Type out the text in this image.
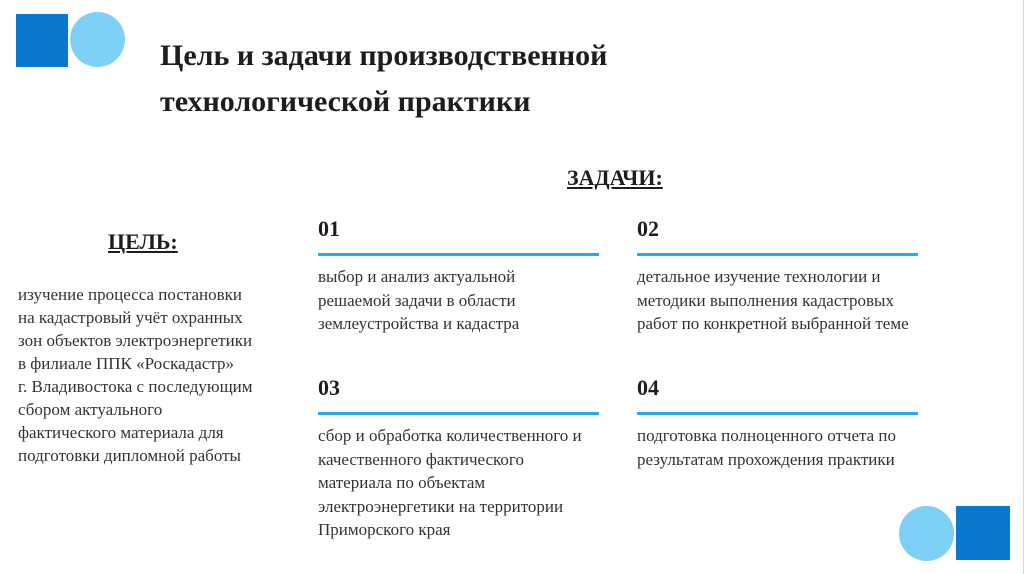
Цель и задачи производственной
технологической практики
ЗАДАЧИ:
ЦЕЛЬ:
изучение процесса постановки
на кадастровый учёт охранных
зон объектов электроэнергетики
в филиале ППК «Роскадастр»
г. Владивостока с последующим
сбором актуального
фактического материала для
подготовки дипломной работы
01
выбор и анализ актуальной
решаемой задачи в области
землеустройства и кадастра
02
детальное изучение технологии и
методики выполнения кадастровых
работ по конкретной выбранной теме
03
сбор и обработка количественного и
качественного фактического
материала по объектам
электроэнергетики на территории
Приморского края
04
подготовка полноценного отчета по
результатам прохождения практики
